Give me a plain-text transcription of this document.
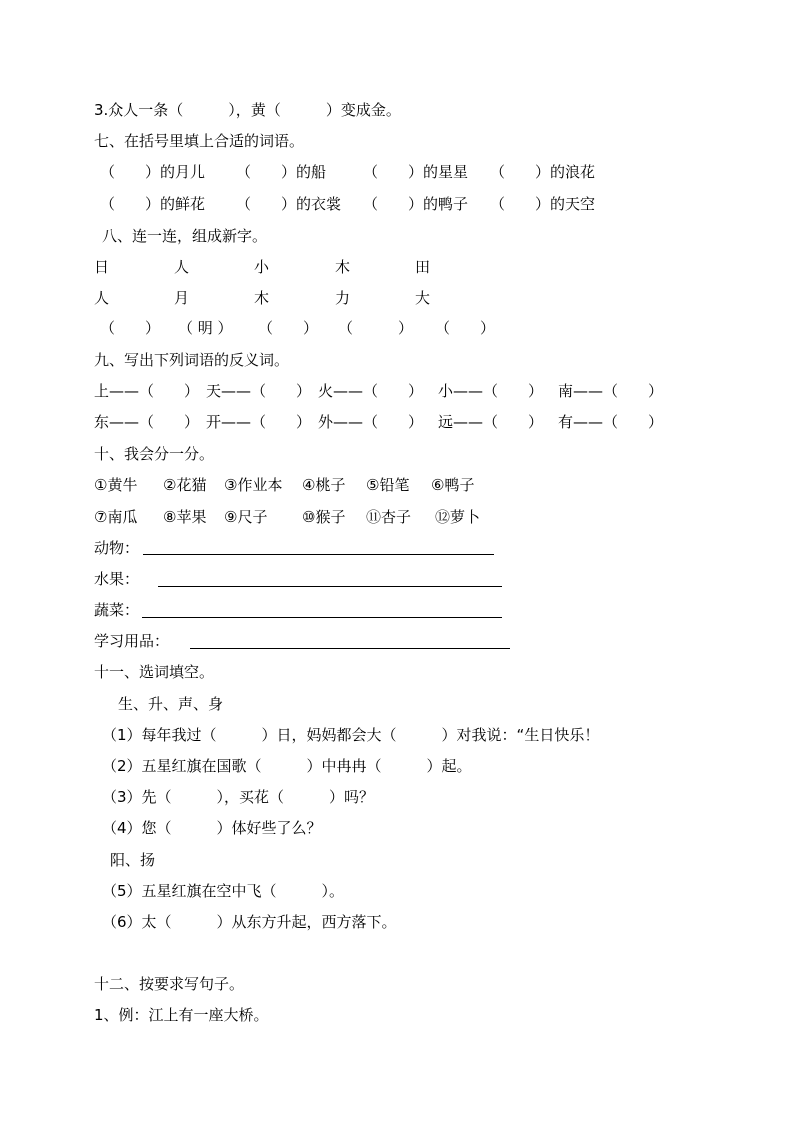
3.众人一条（　　　），黄（　　　）变成金。
七、在括号里填上合适的词语。
（　　）的月儿 （　　）的船 （　　）的星星 （　　）的浪花
（　　）的鲜花 （　　）的衣裳 （　　）的鸭子 （　　）的天空
八、连一连，组成新字。
日	人	小	木	田
人	月	木	力	大
（　　） （ 明 ） （　　） （　　　） （　　）
九、写出下列词语的反义词。
上——（　　） 天——（　　） 火——（　　） 小——（　　） 南——（　　）
东——（　　） 开——（　　） 外——（　　） 远——（　　） 有——（　　）
十、我会分一分。
①黄牛 ②花猫 ③作业本 ④桃子 ⑤铅笔 ⑥鸭子
⑦南瓜 ⑧苹果 ⑨尺子 ⑩猴子 ⑪杏子 ⑫萝卜
动物：
水果：
蔬菜：
学习用品：
十一、选词填空。
生、升、声、身
（1）每年我过（　　　）日，妈妈都会大（　　　）对我说：“生日快乐！
（2）五星红旗在国歌（　　　）中冉冉（　　　）起。
（3）先（　　　），买花（　　　）吗？
（4）您（　　　）体好些了么？
阳、扬
（5）五星红旗在空中飞（　　　）。
（6）太（　　　）从东方升起，西方落下。
十二、按要求写句子。
1、例：江上有一座大桥。
